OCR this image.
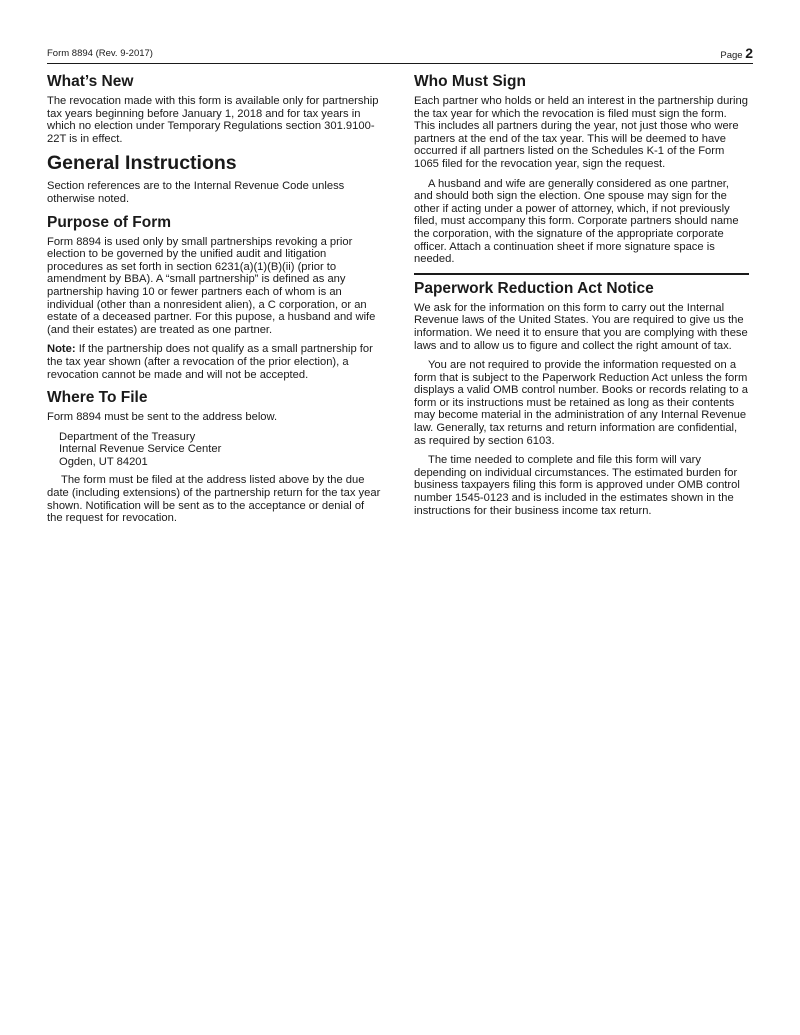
Form 8894 (Rev. 9-2017)	Page 2
What’s New

The revocation made with this form is available only for partnership tax years beginning before January 1, 2018 and for tax years in which no election under Temporary Regulations section 301.9100-22T is in effect.

General Instructions

Section references are to the Internal Revenue Code unless otherwise noted.

Purpose of Form

Form 8894 is used only by small partnerships revoking a prior election to be governed by the unified audit and litigation procedures as set forth in section 6231(a)(1)(B)(ii) (prior to amendment by BBA). A “small partnership” is defined as any partnership having 10 or fewer partners each of whom is an individual (other than a nonresident alien), a C corporation, or an estate of a deceased partner. For this pupose, a husband and wife (and their estates) are treated as one partner.

Note: If the partnership does not qualify as a small partnership for the tax year shown (after a revocation of the prior election), a revocation cannot be made and will not be accepted.

Where To File

Form 8894 must be sent to the address below.

Department of the Treasury
Internal Revenue Service Center
Ogden, UT 84201

The form must be filed at the address listed above by the due date (including extensions) of the partnership return for the tax year shown. Notification will be sent as to the acceptance or denial of the request for revocation.

Who Must Sign

Each partner who holds or held an interest in the partnership during the tax year for which the revocation is filed must sign the form. This includes all partners during the year, not just those who were partners at the end of the tax year. This will be deemed to have occurred if all partners listed on the Schedules K-1 of the Form 1065 filed for the revocation year, sign the request.

A husband and wife are generally considered as one partner, and should both sign the election. One spouse may sign for the other if acting under a power of attorney, which, if not previously filed, must accompany this form. Corporate partners should name the corporation, with the signature of the appropriate corporate officer. Attach a continuation sheet if more signature space is needed.

Paperwork Reduction Act Notice

We ask for the information on this form to carry out the Internal Revenue laws of the United States. You are required to give us the information. We need it to ensure that you are complying with these laws and to allow us to figure and collect the right amount of tax.

You are not required to provide the information requested on a form that is subject to the Paperwork Reduction Act unless the form displays a valid OMB control number. Books or records relating to a form or its instructions must be retained as long as their contents may become material in the administration of any Internal Revenue law. Generally, tax returns and return information are confidential, as required by section 6103.

The time needed to complete and file this form will vary depending on individual circumstances. The estimated burden for business taxpayers filing this form is approved under OMB control number 1545-0123 and is included in the estimates shown in the instructions for their business income tax return.
